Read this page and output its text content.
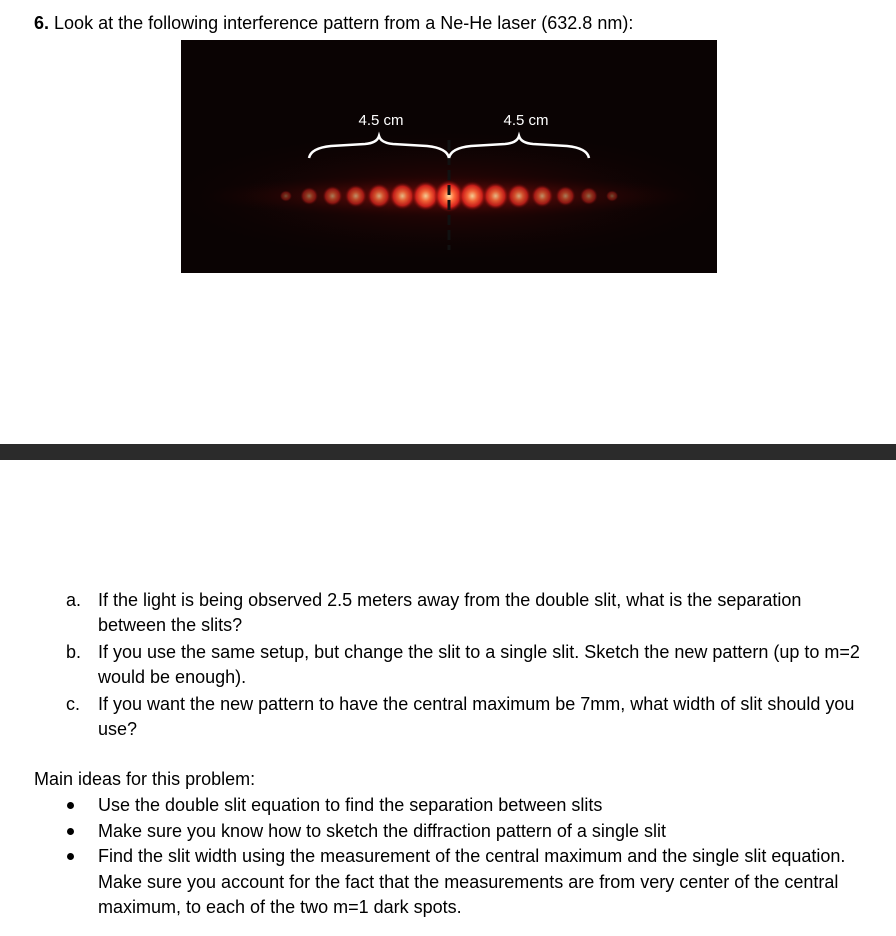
6. Look at the following interference pattern from a Ne-He laser (632.8 nm):
4.5 cm	4.5 cm
a. If the light is being observed 2.5 meters away from the double slit, what is the separation between the slits?
b. If you use the same setup, but change the slit to a single slit. Sketch the new pattern (up to m=2 would be enough).
c. If you want the new pattern to have the central maximum be 7mm, what width of slit should you use?
Main ideas for this problem:
Use the double slit equation to find the separation between slits
Make sure you know how to sketch the diffraction pattern of a single slit
Find the slit width using the measurement of the central maximum and the single slit equation. Make sure you account for the fact that the measurements are from very center of the central maximum, to each of the two m=1 dark spots.
